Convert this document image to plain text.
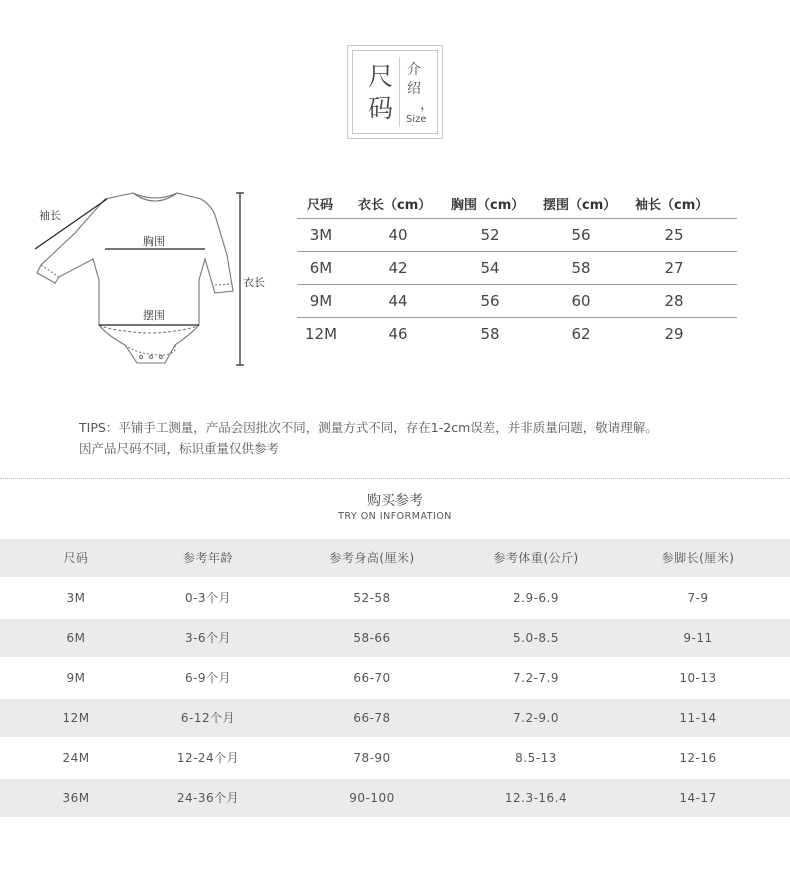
尺
码
介
绍
，
Size
袖长
胸围
摆围
衣长
尺码 衣长（cm） 胸围（cm） 摆围（cm） 袖长（cm）
3M	40	52	56	25
6M	42	54	58	27
9M	44	56	60	28
12M	46	58	62	29
TIPS：平铺手工测量，产品会因批次不同，测量方式不同，存在1-2cm误差，并非质量问题，敬请理解。
因产品尺码不同，标识重量仅供参考
购买参考
TRY ON INFORMATION
尺码	参考年龄	参考身高(厘米)	参考体重(公斤)	参脚长(厘米)
3M	0-3个月	52-58	2.9-6.9	7-9
6M	3-6个月	58-66	5.0-8.5	9-11
9M	6-9个月	66-70	7.2-7.9	10-13
12M	6-12个月	66-78	7.2-9.0	11-14
24M	12-24个月	78-90	8.5-13	12-16
36M	24-36个月	90-100	12.3-16.4	14-17
